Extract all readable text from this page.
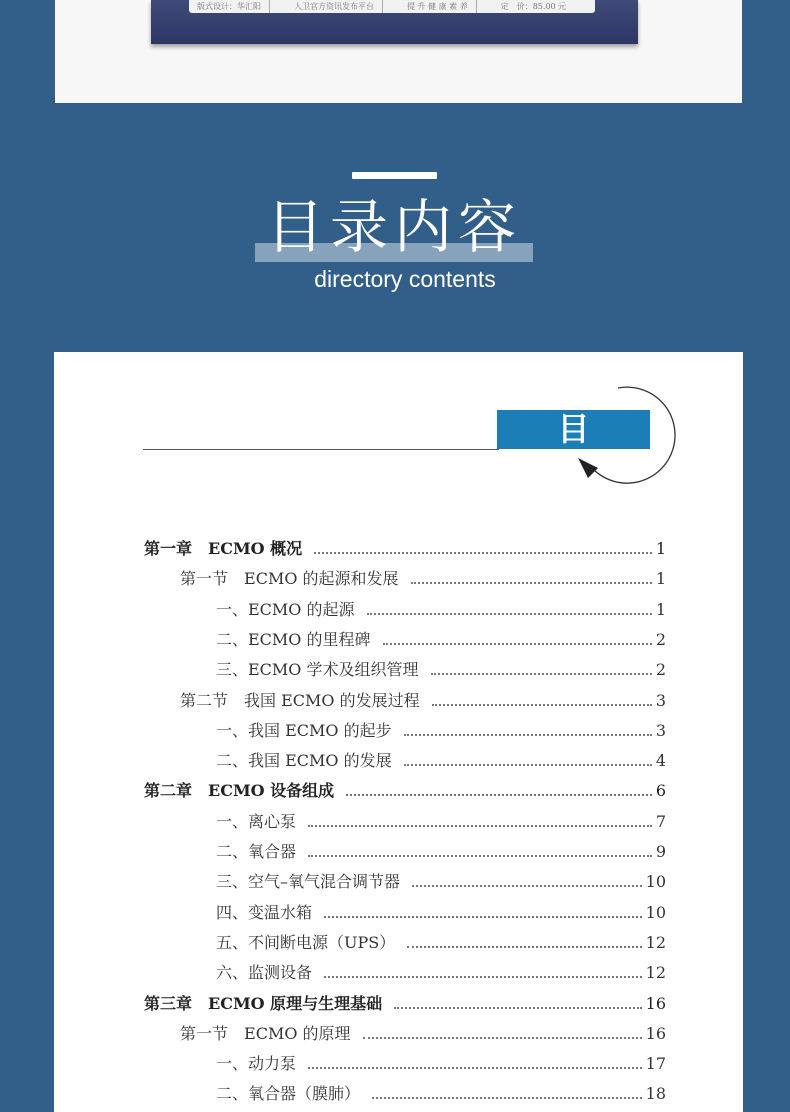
版式设计：华汇阳	人卫官方资讯发布平台	提 升 健 康 素 养	定　价：85.00 元
目录内容
directory contents
目　录
第一章 ECMO 概况	1
第一节 ECMO 的起源和发展	1
一、ECMO 的起源	1
二、ECMO 的里程碑	2
三、ECMO 学术及组织管理	2
第二节 我国 ECMO 的发展过程	3
一、我国 ECMO 的起步	3
二、我国 ECMO 的发展	4
第二章 ECMO 设备组成	6
一、离心泵	7
二、氧合器	9
三、空气–氧气混合调节器	10
四、变温水箱	10
五、不间断电源（UPS）	12
六、监测设备	12
第三章 ECMO 原理与生理基础	16
第一节 ECMO 的原理	16
一、动力泵	17
二、氧合器（膜肺）	18
